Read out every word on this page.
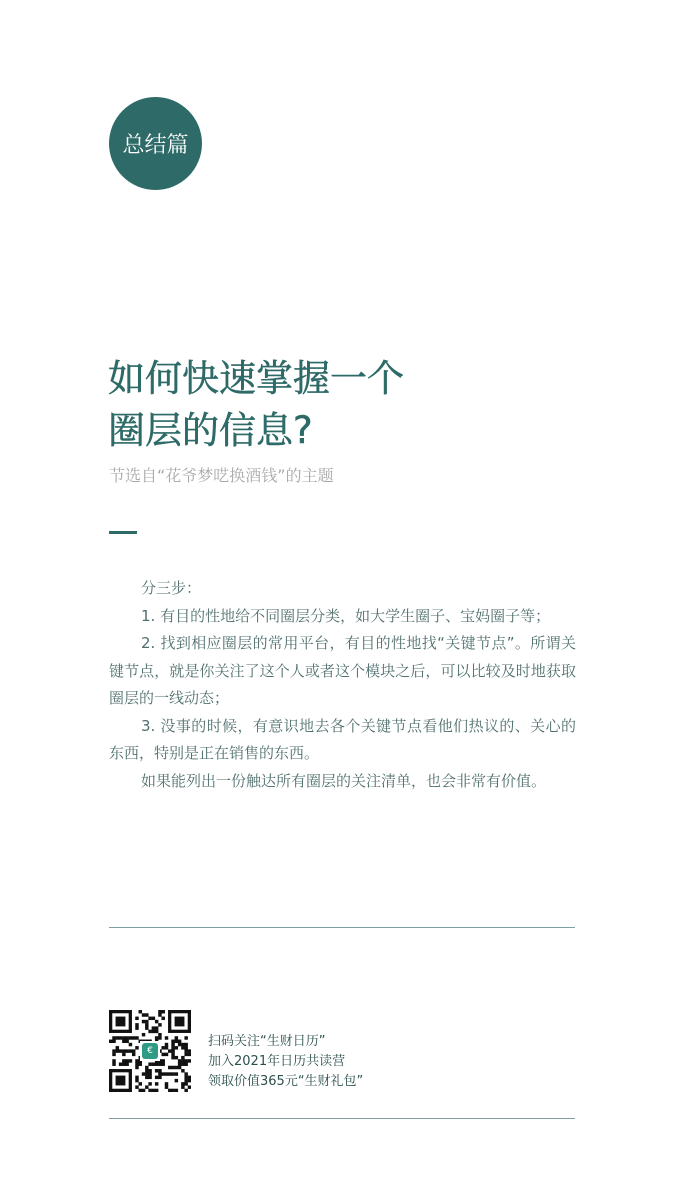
总结篇
如何快速掌握一个
圈层的信息?
节选自“花爷梦呓换酒钱”的主题

分三步：

1. 有目的性地给不同圈层分类，如大学生圈子、宝妈圈子等；

2. 找到相应圈层的常用平台，有目的性地找“关键节点”。所谓关键节点，就是你关注了这个人或者这个模块之后，可以比较及时地获取圈层的一线动态；

3. 没事的时候，有意识地去各个关键节点看他们热议的、关心的东西，特别是正在销售的东西。

如果能列出一份触达所有圈层的关注清单，也会非常有价值。

€
扫码关注“生财日历”
加入2021年日历共读营
领取价值365元“生财礼包”
